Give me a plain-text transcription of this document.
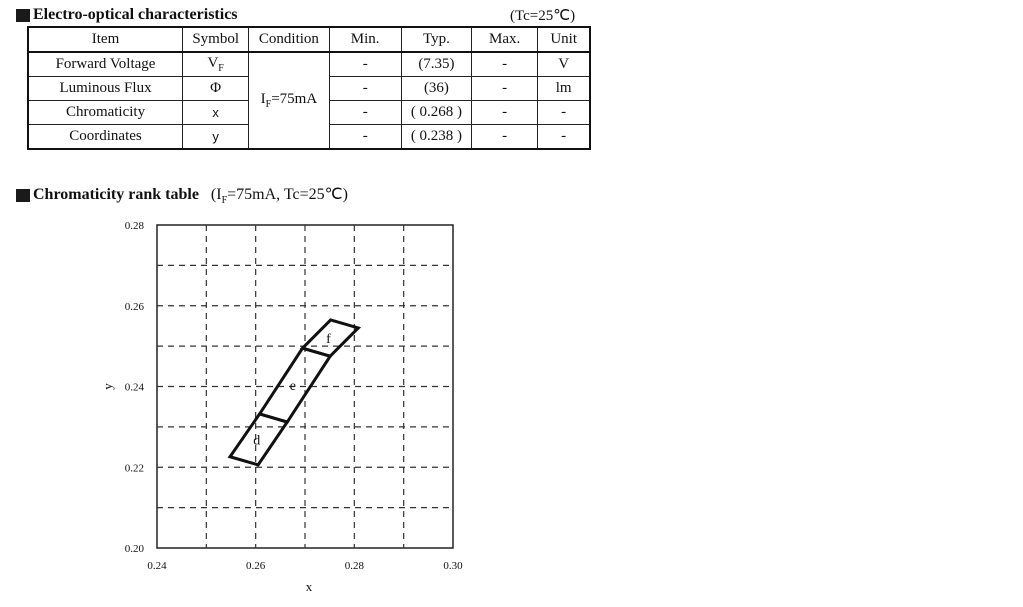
Electro-optical characteristics	(Tc=25℃)
Item	Symbol	Condition	Min.	Typ.	Max.	Unit
Forward Voltage	$V_F$	$I_F=75mA$	-	(7.35)	-	V
Luminous Flux	Φ		-	(36)	-	lm
Chromaticity	x		-	( 0.268 )	-	-
Coordinates	y		-	( 0.238 )	-	-
Chromaticity rank table ($I_F=75mA$, Tc=25℃)
0.24	0.26	0.28	0.30
0.20
0.22
0.24
0.26
0.28
x
y
d
e
f
